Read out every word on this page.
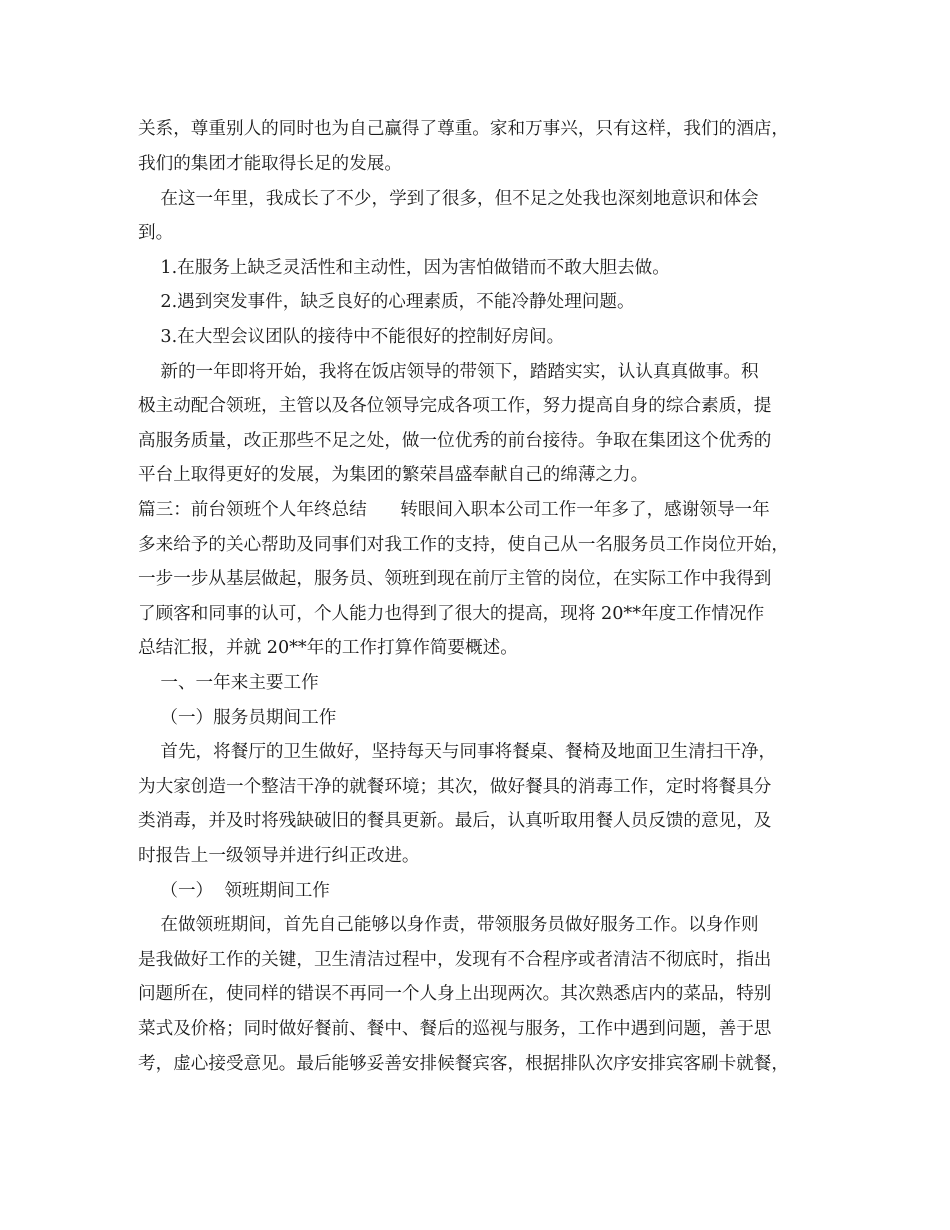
关系，尊重别人的同时也为自己赢得了尊重。家和万事兴，只有这样，我们的酒店，
我们的集团才能取得长足的发展。
在这一年里，我成长了不少，学到了很多，但不足之处我也深刻地意识和体会
到。
1.在服务上缺乏灵活性和主动性，因为害怕做错而不敢大胆去做。
2.遇到突发事件，缺乏良好的心理素质，不能冷静处理问题。
3.在大型会议团队的接待中不能很好的控制好房间。
新的一年即将开始，我将在饭店领导的带领下，踏踏实实，认认真真做事。积
极主动配合领班，主管以及各位领导完成各项工作，努力提高自身的综合素质，提
高服务质量，改正那些不足之处，做一位优秀的前台接待。争取在集团这个优秀的
平台上取得更好的发展，为集团的繁荣昌盛奉献自己的绵薄之力。
篇三：前台领班个人年终总结      转眼间入职本公司工作一年多了，感谢领导一年
多来给予的关心帮助及同事们对我工作的支持，使自己从一名服务员工作岗位开始，
一步一步从基层做起，服务员、领班到现在前厅主管的岗位，在实际工作中我得到
了顾客和同事的认可，个人能力也得到了很大的提高，现将 20**年度工作情况作
总结汇报，并就 20**年的工作打算作简要概述。
一、一年来主要工作
（一）服务员期间工作
首先，将餐厅的卫生做好，坚持每天与同事将餐桌、餐椅及地面卫生清扫干净，
为大家创造一个整洁干净的就餐环境；其次，做好餐具的消毒工作，定时将餐具分
类消毒，并及时将残缺破旧的餐具更新。最后，认真听取用餐人员反馈的意见，及
时报告上一级领导并进行纠正改进。
（一）  领班期间工作
在做领班期间，首先自己能够以身作责，带领服务员做好服务工作。以身作则
是我做好工作的关键，卫生清洁过程中，发现有不合程序或者清洁不彻底时，指出
问题所在，使同样的错误不再同一个人身上出现两次。其次熟悉店内的菜品，特别
菜式及价格；同时做好餐前、餐中、餐后的巡视与服务，工作中遇到问题，善于思
考，虚心接受意见。最后能够妥善安排候餐宾客，根据排队次序安排宾客刷卡就餐，
